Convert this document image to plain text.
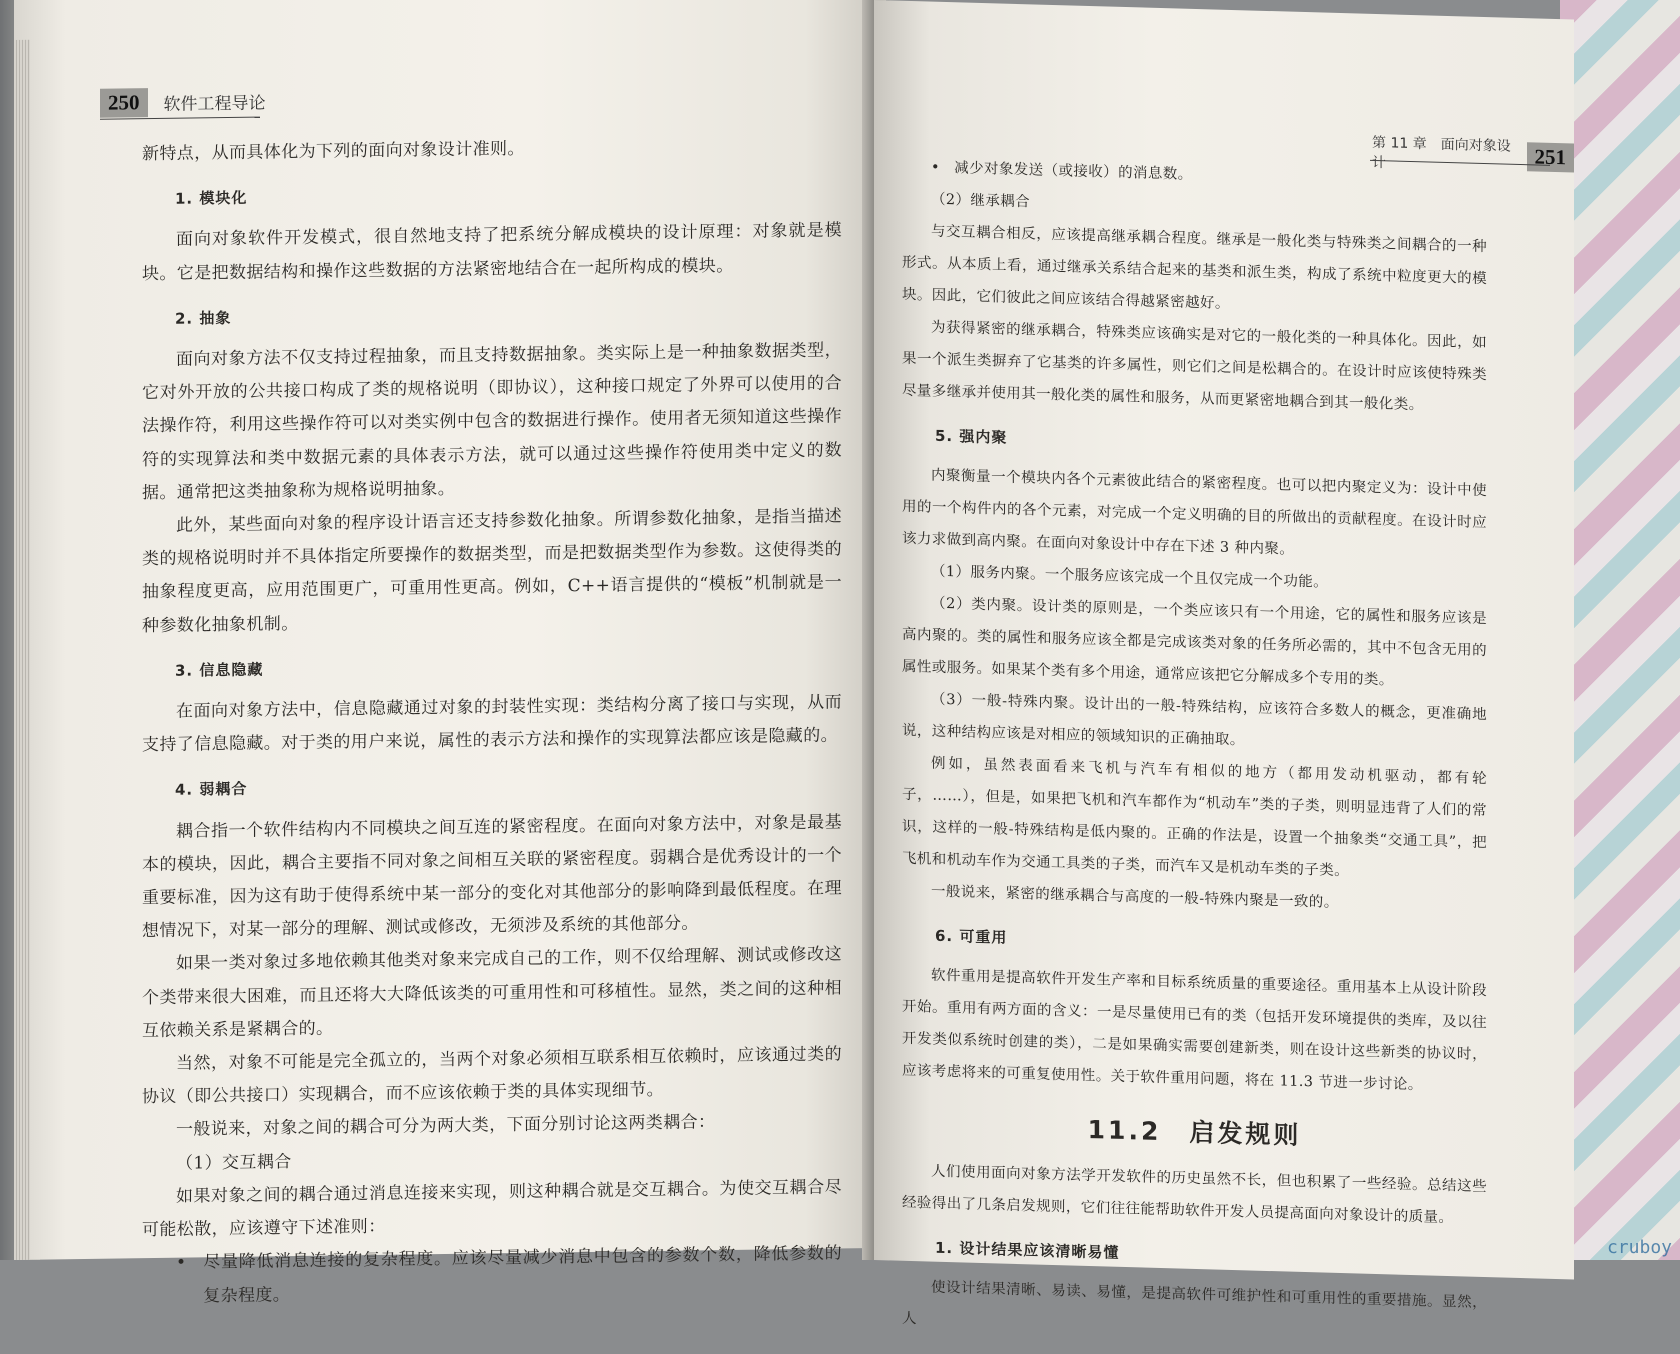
250	软件工程导论

新特点，从而具体化为下列的面向对象设计准则。

1. 模块化

面向对象软件开发模式，很自然地支持了把系统分解成模块的设计原理：对象就是模块。它是把数据结构和操作这些数据的方法紧密地结合在一起所构成的模块。

2. 抽象

面向对象方法不仅支持过程抽象，而且支持数据抽象。类实际上是一种抽象数据类型，它对外开放的公共接口构成了类的规格说明（即协议），这种接口规定了外界可以使用的合法操作符，利用这些操作符可以对类实例中包含的数据进行操作。使用者无须知道这些操作符的实现算法和类中数据元素的具体表示方法，就可以通过这些操作符使用类中定义的数据。通常把这类抽象称为规格说明抽象。

此外，某些面向对象的程序设计语言还支持参数化抽象。所谓参数化抽象，是指当描述类的规格说明时并不具体指定所要操作的数据类型，而是把数据类型作为参数。这使得类的抽象程度更高，应用范围更广，可重用性更高。例如，C++语言提供的“模板”机制就是一种参数化抽象机制。

3. 信息隐藏

在面向对象方法中，信息隐藏通过对象的封装性实现：类结构分离了接口与实现，从而支持了信息隐藏。对于类的用户来说，属性的表示方法和操作的实现算法都应该是隐藏的。

4. 弱耦合

耦合指一个软件结构内不同模块之间互连的紧密程度。在面向对象方法中，对象是最基本的模块，因此，耦合主要指不同对象之间相互关联的紧密程度。弱耦合是优秀设计的一个重要标准，因为这有助于使得系统中某一部分的变化对其他部分的影响降到最低程度。在理想情况下，对某一部分的理解、测试或修改，无须涉及系统的其他部分。

如果一类对象过多地依赖其他类对象来完成自己的工作，则不仅给理解、测试或修改这个类带来很大困难，而且还将大大降低该类的可重用性和可移植性。显然，类之间的这种相互依赖关系是紧耦合的。

当然，对象不可能是完全孤立的，当两个对象必须相互联系相互依赖时，应该通过类的协议（即公共接口）实现耦合，而不应该依赖于类的具体实现细节。

一般说来，对象之间的耦合可分为两大类，下面分别讨论这两类耦合：

（1）交互耦合

如果对象之间的耦合通过消息连接来实现，则这种耦合就是交互耦合。为使交互耦合尽可能松散，应该遵守下述准则：

• 尽量降低消息连接的复杂程度。应该尽量减少消息中包含的参数个数，降低参数的复杂程度。

第 11 章　面向对象设计	251

• 减少对象发送（或接收）的消息数。

（2）继承耦合

与交互耦合相反，应该提高继承耦合程度。继承是一般化类与特殊类之间耦合的一种形式。从本质上看，通过继承关系结合起来的基类和派生类，构成了系统中粒度更大的模块。因此，它们彼此之间应该结合得越紧密越好。

为获得紧密的继承耦合，特殊类应该确实是对它的一般化类的一种具体化。因此，如果一个派生类摒弃了它基类的许多属性，则它们之间是松耦合的。在设计时应该使特殊类尽量多继承并使用其一般化类的属性和服务，从而更紧密地耦合到其一般化类。

5. 强内聚

内聚衡量一个模块内各个元素彼此结合的紧密程度。也可以把内聚定义为：设计中使用的一个构件内的各个元素，对完成一个定义明确的目的所做出的贡献程度。在设计时应该力求做到高内聚。在面向对象设计中存在下述 3 种内聚。

（1）服务内聚。一个服务应该完成一个且仅完成一个功能。

（2）类内聚。设计类的原则是，一个类应该只有一个用途，它的属性和服务应该是高内聚的。类的属性和服务应该全都是完成该类对象的任务所必需的，其中不包含无用的属性或服务。如果某个类有多个用途，通常应该把它分解成多个专用的类。

（3）一般-特殊内聚。设计出的一般-特殊结构，应该符合多数人的概念，更准确地说，这种结构应该是对相应的领域知识的正确抽取。

例如，虽然表面看来飞机与汽车有相似的地方（都用发动机驱动，都有轮子，……），但是，如果把飞机和汽车都作为“机动车”类的子类，则明显违背了人们的常识，这样的一般-特殊结构是低内聚的。正确的作法是，设置一个抽象类“交通工具”，把飞机和机动车作为交通工具类的子类，而汽车又是机动车类的子类。

一般说来，紧密的继承耦合与高度的一般-特殊内聚是一致的。

6. 可重用

软件重用是提高软件开发生产率和目标系统质量的重要途径。重用基本上从设计阶段开始。重用有两方面的含义：一是尽量使用已有的类（包括开发环境提供的类库，及以往开发类似系统时创建的类），二是如果确实需要创建新类，则在设计这些新类的协议时，应该考虑将来的可重复使用性。关于软件重用问题，将在 11.3 节进一步讨论。

11.2　启发规则

人们使用面向对象方法学开发软件的历史虽然不长，但也积累了一些经验。总结这些经验得出了几条启发规则，它们往往能帮助软件开发人员提高面向对象设计的质量。

1. 设计结果应该清晰易懂

使设计结果清晰、易读、易懂，是提高软件可维护性和可重用性的重要措施。显然，人

cruboy
